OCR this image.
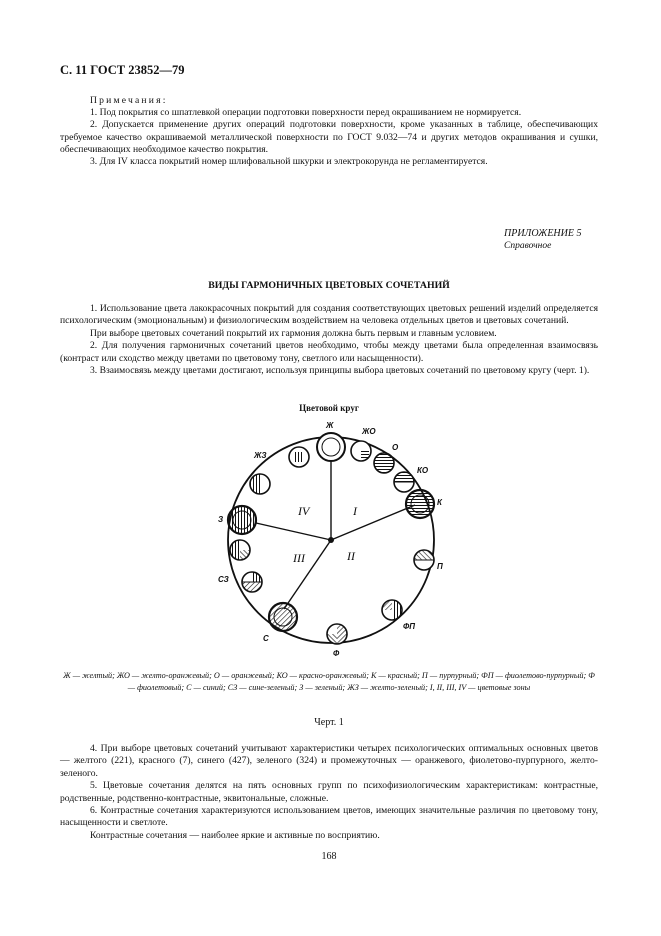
С. 11 ГОСТ 23852—79

Примечания:

1. Под покрытия со шпатлевкой операции подготовки поверхности перед окрашиванием не нормируется.

2. Допускается применение других операций подготовки поверхности, кроме указанных в таблице, обеспечивающих требуемое качество окрашиваемой металлической поверхности по ГОСТ 9.032—74 и других методов окрашивания и сушки, обеспечивающих необходимое качество покрытия.

3. Для IV класса покрытий номер шлифовальной шкурки и электрокорунда не регламентируется.

ПРИЛОЖЕНИЕ 5
Справочное
ВИДЫ ГАРМОНИЧНЫХ ЦВЕТОВЫХ СОЧЕТАНИЙ

1. Использование цвета лакокрасочных покрытий для создания соответствующих цветовых решений изделий определяется психологическим (эмоциональным) и физиологическим воздействием на человека отдельных цветов и цветовых сочетаний.

При выборе цветовых сочетаний покрытий их гармония должна быть первым и главным условием.

2. Для получения гармоничных сочетаний цветов необходимо, чтобы между цветами была определенная взаимосвязь (контраст или сходство между цветами по цветовому тону, светлого или насыщенности).

3. Взаимосвязь между цветами достигают, используя принципы выбора цветовых сочетаний по цветовому кругу (черт. 1).

Цветовой круг
IV	I
II
III
Ж
ЖО
О
КО
К
П
ФП
Ф
С
СЗ
З
ЖЗ
Ж — желтый; ЖО — желто-оранжевый; О — оранжевый; КО — красно-оранжевый; К — красный; П — пурпурный; ФП — фиолетово-пурпурный; Ф — фиолетовый; С — синий; СЗ — сине-зеленый; З — зеленый; ЖЗ — желто-зеленый; I, II, III, IV — цветовые зоны
Черт. 1

4. При выборе цветовых сочетаний учитывают характеристики четырех психологических оптимальных основных цветов — желтого (221), красного (7), синего (427), зеленого (324) и промежуточных — оранжевого, фиолетово-пурпурного, желто-зеленого.

5. Цветовые сочетания делятся на пять основных групп по психофизиологическим характеристикам: контрастные, родственные, родственно-контрастные, эквитональные, сложные.

6. Контрастные сочетания характеризуются использованием цветов, имеющих значительные различия по цветовому тону, насыщенности и светлоте.

Контрастные сочетания — наиболее яркие и активные по восприятию.

168
